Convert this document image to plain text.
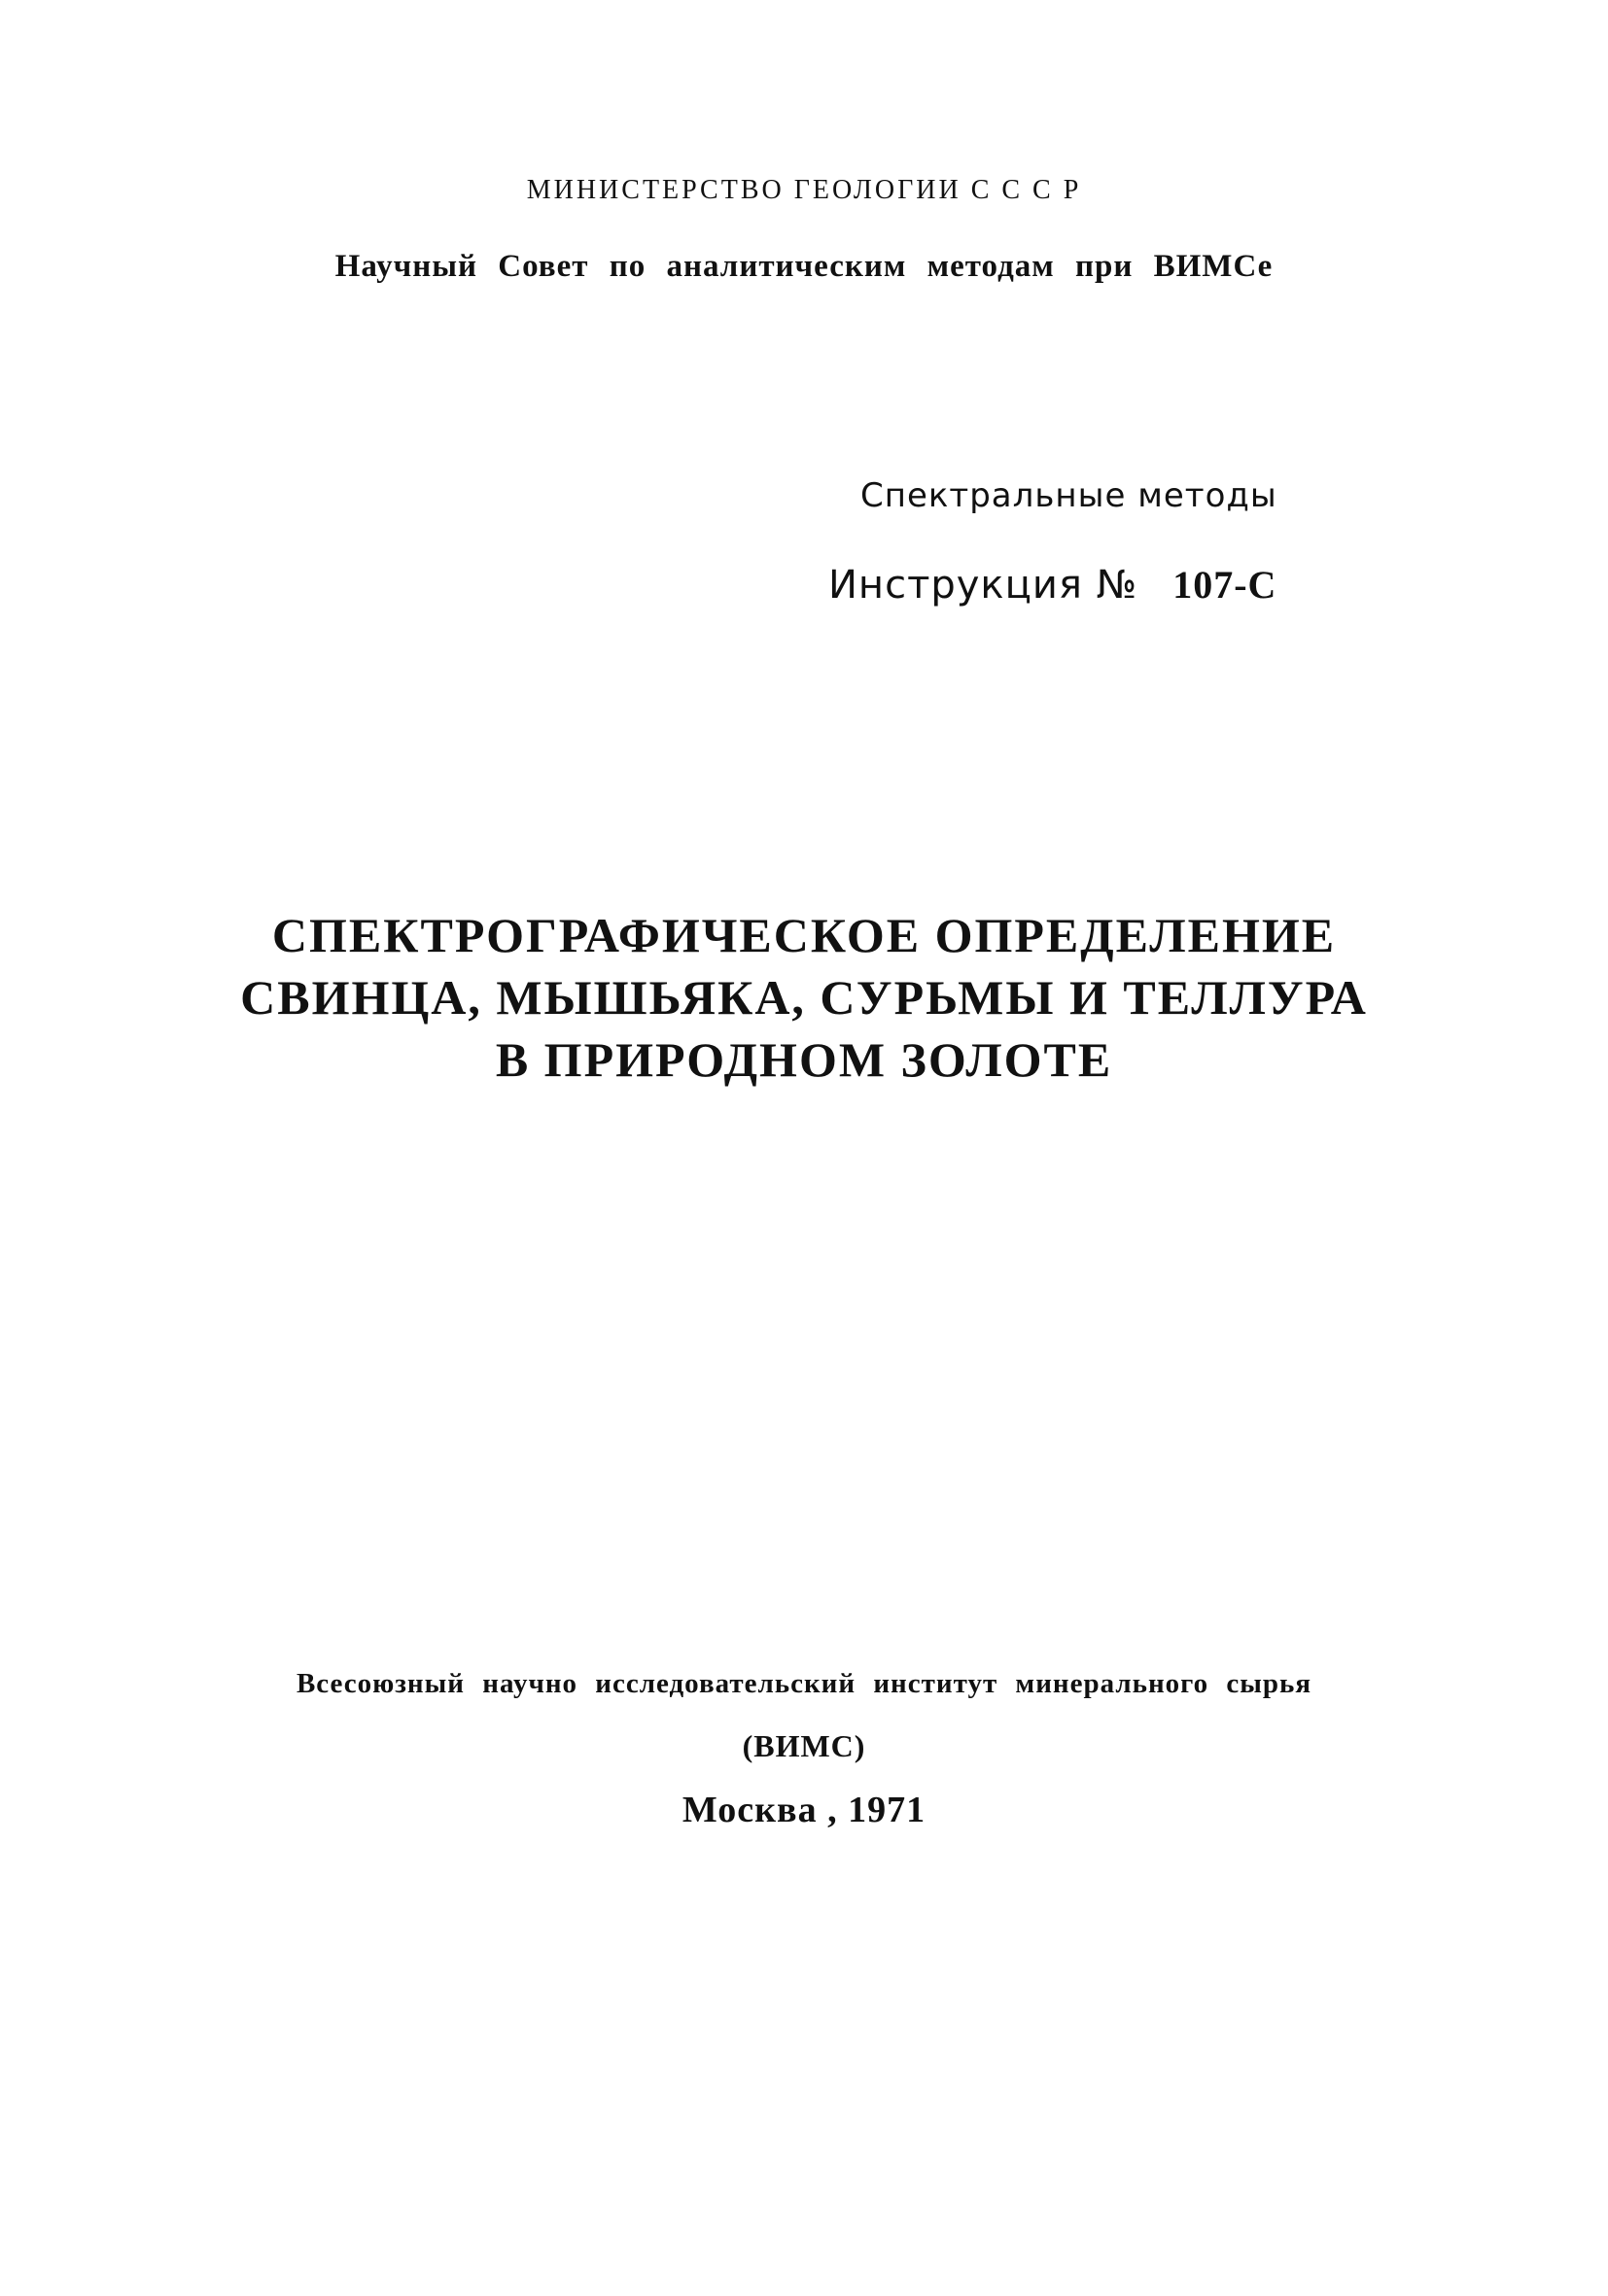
МИНИСТЕРСТВО ГЕОЛОГИИ С С С Р

Научный Совет по аналитическим методам при ВИМСе

Спектральные методы

Инструкция № 107-С

СПЕКТРОГРАФИЧЕСКОЕ ОПРЕДЕЛЕНИЕ
СВИНЦА, МЫШЬЯКА, СУРЬМЫ И ТЕЛЛУРА
В ПРИРОДНОМ ЗОЛОТЕ

Всесоюзный научно исследовательский институт минерального сырья

(ВИМС)

Москва , 1971
